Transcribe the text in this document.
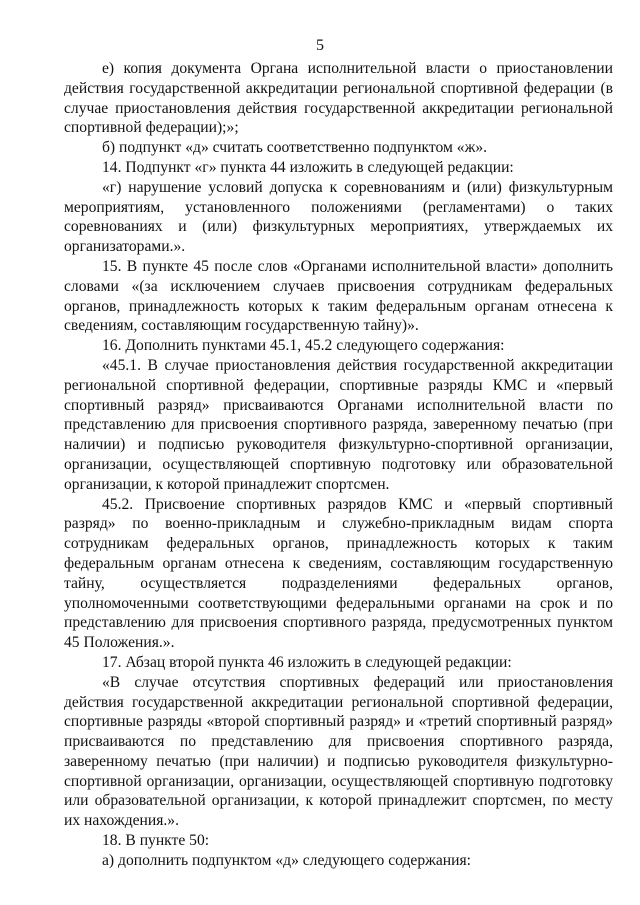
5

е) копия документа Органа исполнительной власти о приостановлении действия государственной аккредитации региональной спортивной федерации (в случае приостановления действия государственной аккредитации региональной спортивной федерации);»;

б) подпункт «д» считать соответственно подпунктом «ж».

14. Подпункт «г» пункта 44 изложить в следующей редакции:

«г) нарушение условий допуска к соревнованиям и (или) физкультурным мероприятиям, установленного положениями (регламентами) о таких соревнованиях и (или) физкультурных мероприятиях, утверждаемых их организаторами.».

15. В пункте 45 после слов «Органами исполнительной власти» дополнить словами «(за исключением случаев присвоения сотрудникам федеральных органов, принадлежность которых к таким федеральным органам отнесена к сведениям, составляющим государственную тайну)».

16. Дополнить пунктами 45.1, 45.2 следующего содержания:

«45.1. В случае приостановления действия государственной аккредитации региональной спортивной федерации, спортивные разряды КМС и «первый спортивный разряд» присваиваются Органами исполнительной власти по представлению для присвоения спортивного разряда, заверенному печатью (при наличии) и подписью руководителя физкультурно-спортивной организации, организации, осуществляющей спортивную подготовку или образовательной организации, к которой принадлежит спортсмен.

45.2. Присвоение спортивных разрядов КМС и «первый спортивный разряд» по военно-прикладным и служебно-прикладным видам спорта сотрудникам федеральных органов, принадлежность которых к таким федеральным органам отнесена к сведениям, составляющим государственную тайну, осуществляется подразделениями федеральных органов, уполномоченными соответствующими федеральными органами на срок и по представлению для присвоения спортивного разряда, предусмотренных пунктом 45 Положения.».

17. Абзац второй пункта 46 изложить в следующей редакции:

«В случае отсутствия спортивных федераций или приостановления действия государственной аккредитации региональной спортивной федерации, спортивные разряды «второй спортивный разряд» и «третий спортивный разряд» присваиваются по представлению для присвоения спортивного разряда, заверенному печатью (при наличии) и подписью руководителя физкультурно-спортивной организации, организации, осуществляющей спортивную подготовку или образовательной организации, к которой принадлежит спортсмен, по месту их нахождения.».

18. В пункте 50:

а) дополнить подпунктом «д» следующего содержания:
